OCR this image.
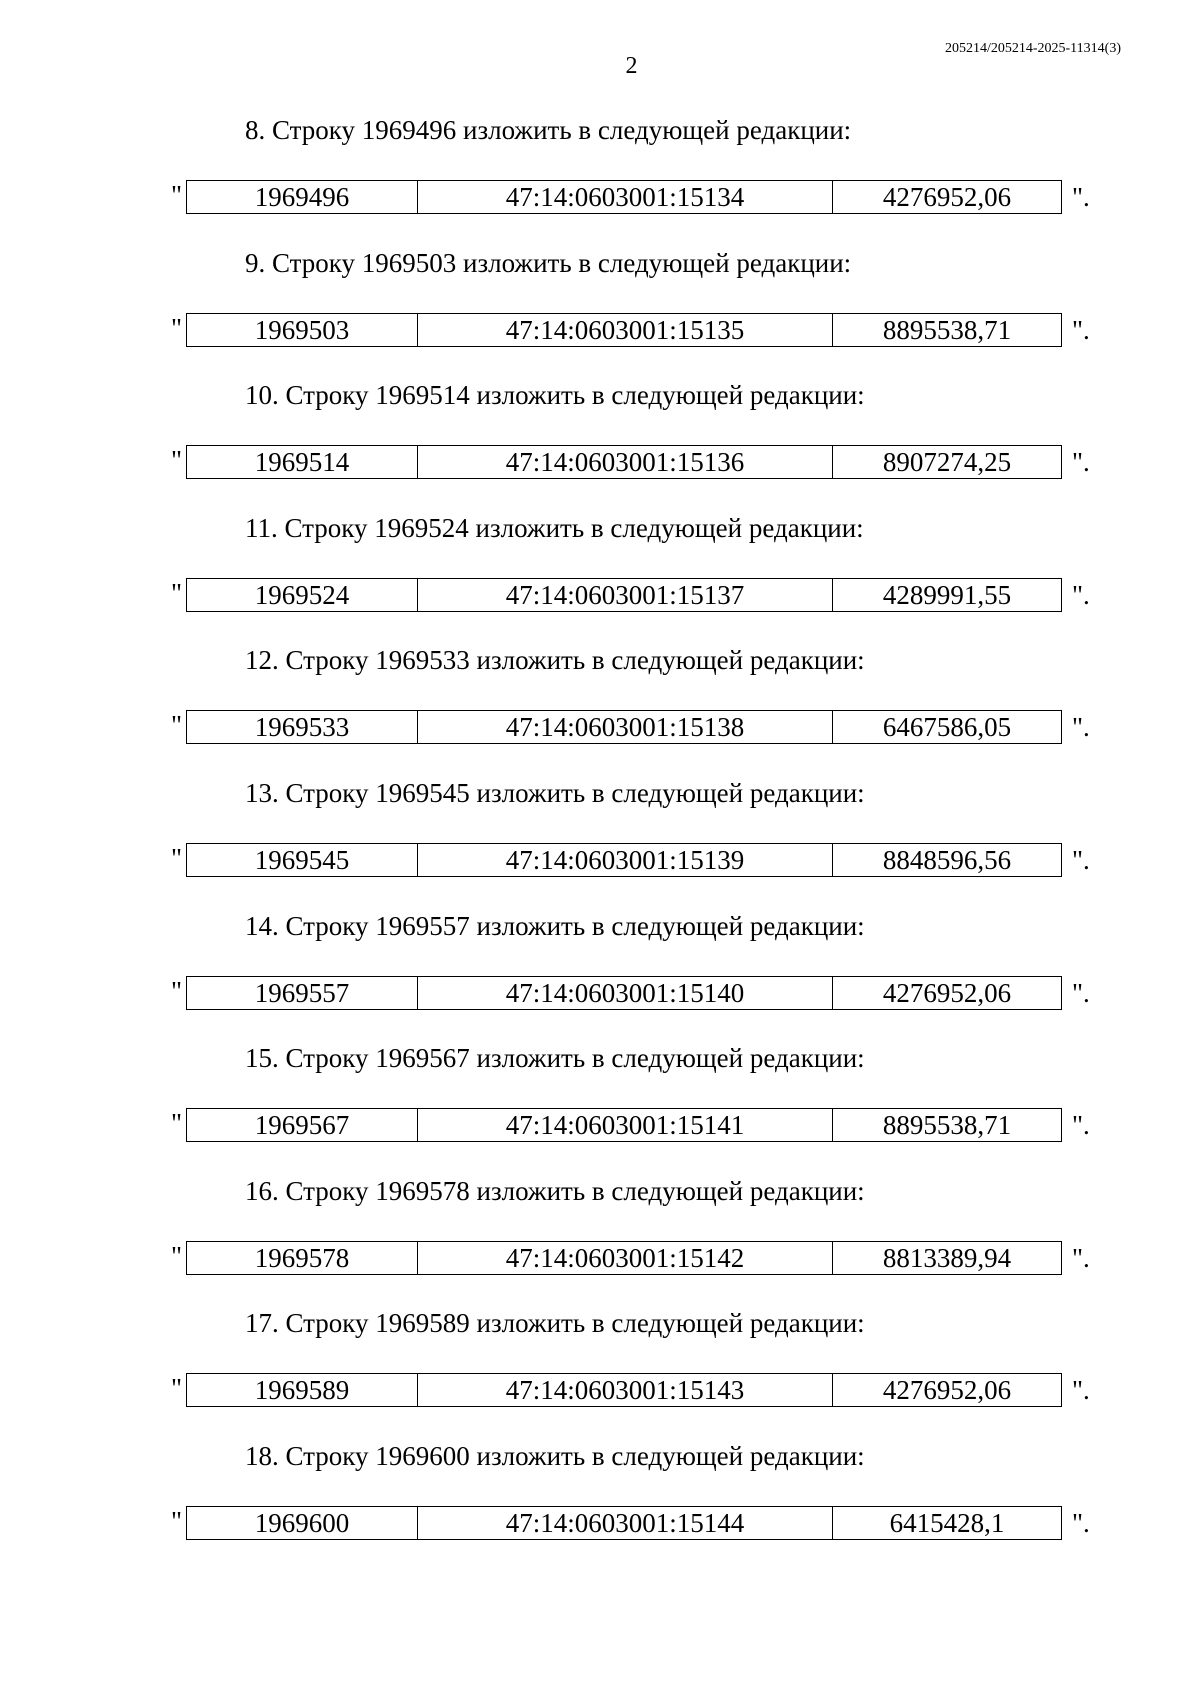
2
205214/205214-2025-11314(3)
8. Строку 1969496 изложить в следующей редакции:
"	1969496	47:14:0603001:15134	4276952,06	".
9. Строку 1969503 изложить в следующей редакции:
"	1969503	47:14:0603001:15135	8895538,71	".
10. Строку 1969514 изложить в следующей редакции:
"	1969514	47:14:0603001:15136	8907274,25	".
11. Строку 1969524 изложить в следующей редакции:
"	1969524	47:14:0603001:15137	4289991,55	".
12. Строку 1969533 изложить в следующей редакции:
"	1969533	47:14:0603001:15138	6467586,05	".
13. Строку 1969545 изложить в следующей редакции:
"	1969545	47:14:0603001:15139	8848596,56	".
14. Строку 1969557 изложить в следующей редакции:
"	1969557	47:14:0603001:15140	4276952,06	".
15. Строку 1969567 изложить в следующей редакции:
"	1969567	47:14:0603001:15141	8895538,71	".
16. Строку 1969578 изложить в следующей редакции:
"	1969578	47:14:0603001:15142	8813389,94	".
17. Строку 1969589 изложить в следующей редакции:
"	1969589	47:14:0603001:15143	4276952,06	".
18. Строку 1969600 изложить в следующей редакции:
"	1969600	47:14:0603001:15144	6415428,1	".
